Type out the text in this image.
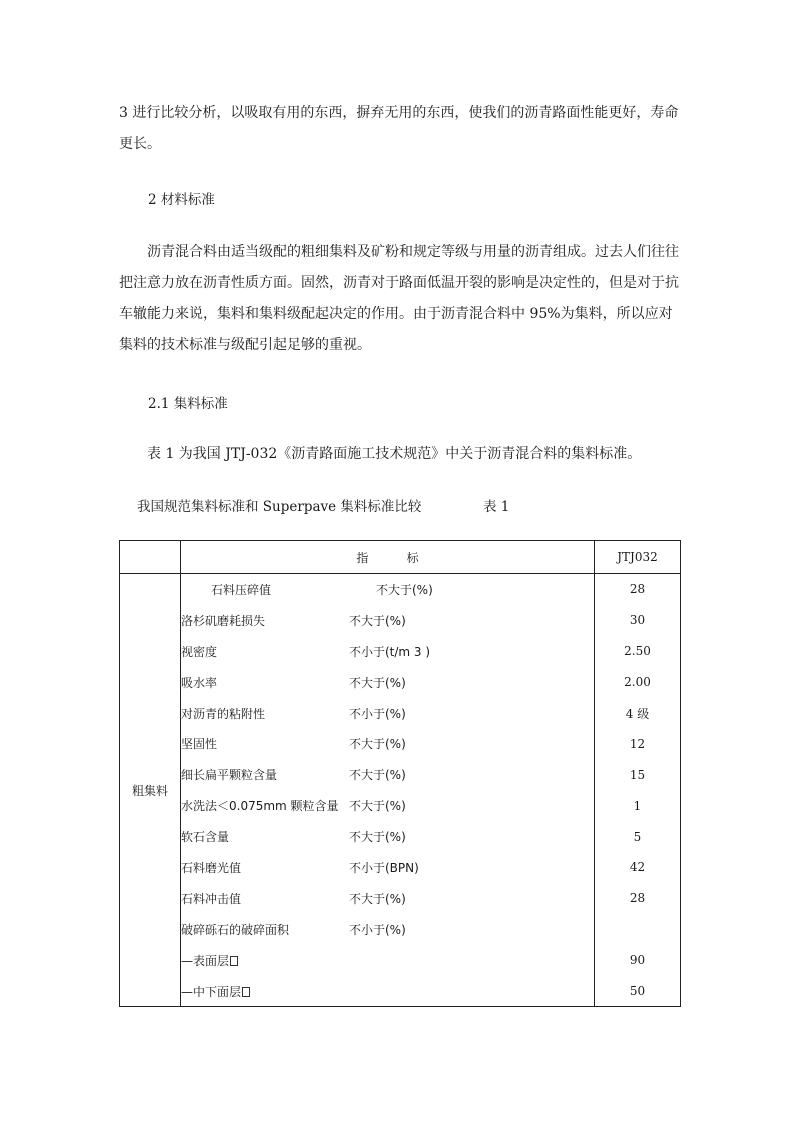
3 进行比较分析，以吸取有用的东西，摒弃无用的东西，使我们的沥青路面性能更好，寿命更长。

2 材料标准

沥青混合料由适当级配的粗细集料及矿粉和规定等级与用量的沥青组成。过去人们往往把注意力放在沥青性质方面。固然，沥青对于路面低温开裂的影响是决定性的，但是对于抗车辙能力来说，集料和集料级配起决定的作用。由于沥青混合料中 95%为集料，所以应对集料的技术标准与级配引起足够的重视。

2.1 集料标准

表 1 为我国 JTJ-032《沥青路面施工技术规范》中关于沥青混合料的集料标准。

我国规范集料标准和 Superpave 集料标准比较	表 1
	指          标	JTJ032
粗集料	石料压碎值 不大于(%)	28
	洛杉矶磨耗损失 不大于(%)	30
	视密度 不小于(t/m 3 )	2.50
	吸水率 不大于(%)	2.00
	对沥青的粘附性 不小于(%)	4 级
	坚固性 不大于(%)	12
	细长扁平颗粒含量 不大于(%)	15
	水洗法＜0.075mm 颗粒含量 不大于(%)	1
	软石含量 不大于(%)	5
	石料磨光值 不小于(BPN)	42
	石料冲击值 不大于(%)	28
	破碎砾石的破碎面积 不小于(%)	
	—表面层	90
	—中下面层	50
